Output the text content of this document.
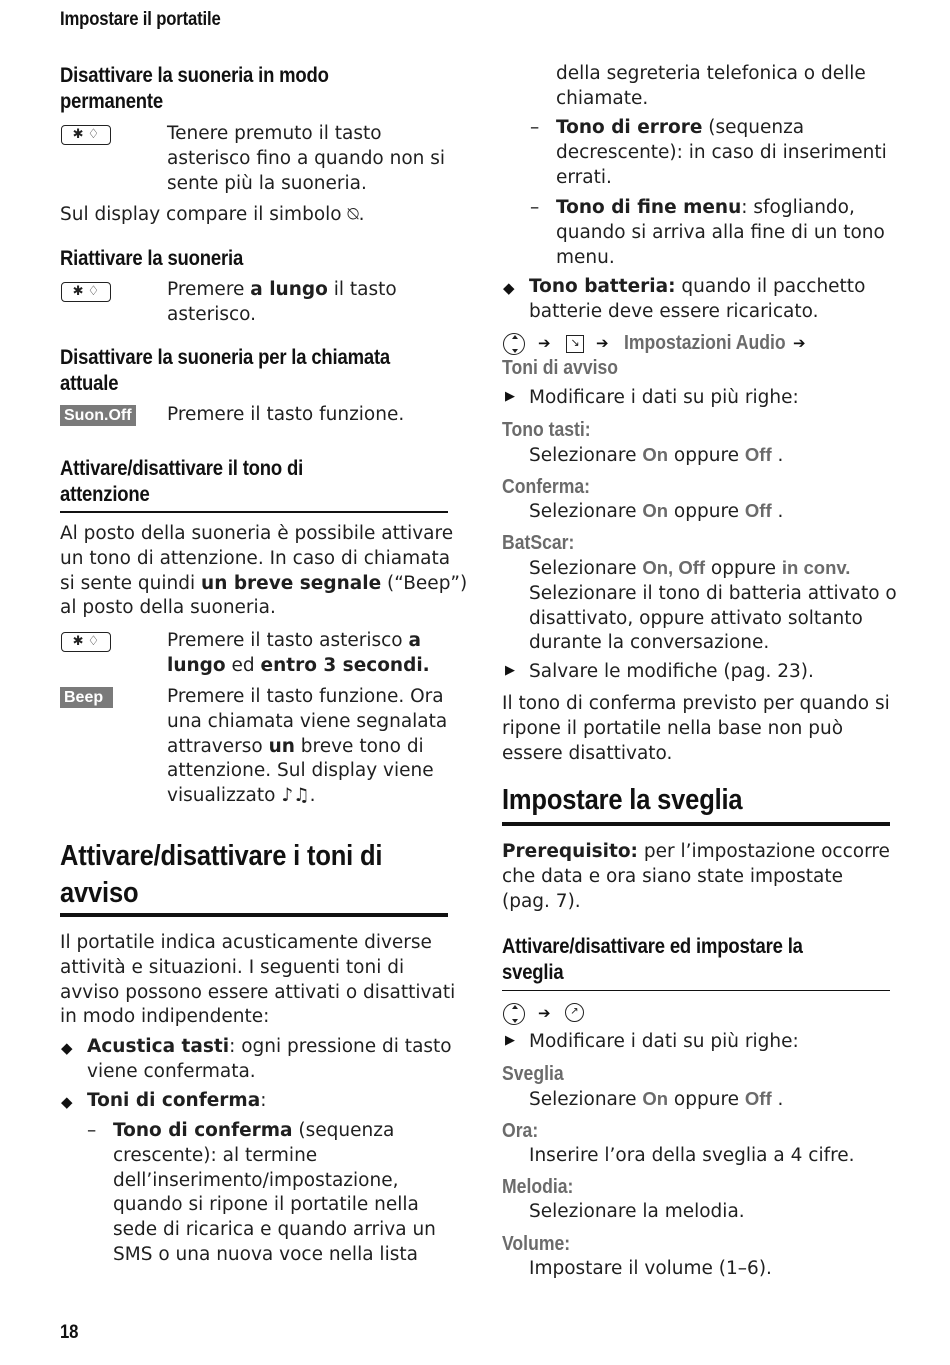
Impostare il portatile
Disattivare la suoneria in modo
permanente
✱ ♢	Tenere premuto il tasto
asterisco fino a quando non si
sente più la suoneria.
Sul display compare il simbolo ⍉.
Riattivare la suoneria
✱ ♢	Premere a lungo il tasto
asterisco.
Disattivare la suoneria per la chiamata
attuale
Suon.Off Premere il tasto funzione.
Attivare/disattivare il tono di
attenzione
Al posto della suoneria è possibile attivare
un tono di attenzione. In caso di chiamata
si sente quindi un breve segnale (“Beep”)
al posto della suoneria.
✱ ♢	Premere il tasto asterisco a
lungo ed entro 3 secondi.
Beep	Premere il tasto funzione. Ora
una chiamata viene segnalata
attraverso un breve tono di
attenzione. Sul display viene
visualizzato ♪♫.
Attivare/disattivare i toni di
avviso
Il portatile indica acusticamente diverse
attività e situazioni. I seguenti toni di
avviso possono essere attivati o disattivati
in modo indipendente:
◆ Acustica tasti: ogni pressione di tasto
viene confermata.
◆ Toni di conferma:
– Tono di conferma (sequenza
crescente): al termine
dell’inserimento/impostazione,
quando si ripone il portatile nella
sede di ricarica e quando arriva un
SMS o una nuova voce nella lista
18
della segreteria telefonica o delle
chiamate.
– Tono di errore (sequenza
decrescente): in caso di inserimenti
errati.
– Tono di fine menu: sfogliando,
quando si arriva alla fine di un tono
menu.
◆ Tono batteria: quando il pacchetto
batterie deve essere ricaricato.
➔	↘ ➔ Impostazioni Audio ➔
Toni di avviso
▶ Modificare i dati su più righe:
Tono tasti:
Selezionare On oppure Off .
Conferma:
Selezionare On oppure Off .
BatScar:
Selezionare On, Off oppure in conv.
Selezionare il tono di batteria attivato o
disattivato, oppure attivato soltanto
durante la conversazione.
▶ Salvare le modifiche (pag. 23).
Il tono di conferma previsto per quando si
ripone il portatile nella base non può
essere disattivato.
Impostare la sveglia
Prerequisito: per l’impostazione occorre
che data e ora siano state impostate
(pag. 7).
Attivare/disattivare ed impostare la
sveglia
➔	↗
▶ Modificare i dati su più righe:
Sveglia
Selezionare On oppure Off .
Ora:
Inserire l’ora della sveglia a 4 cifre.
Melodia:
Selezionare la melodia.
Volume:
Impostare il volume (1–6).
